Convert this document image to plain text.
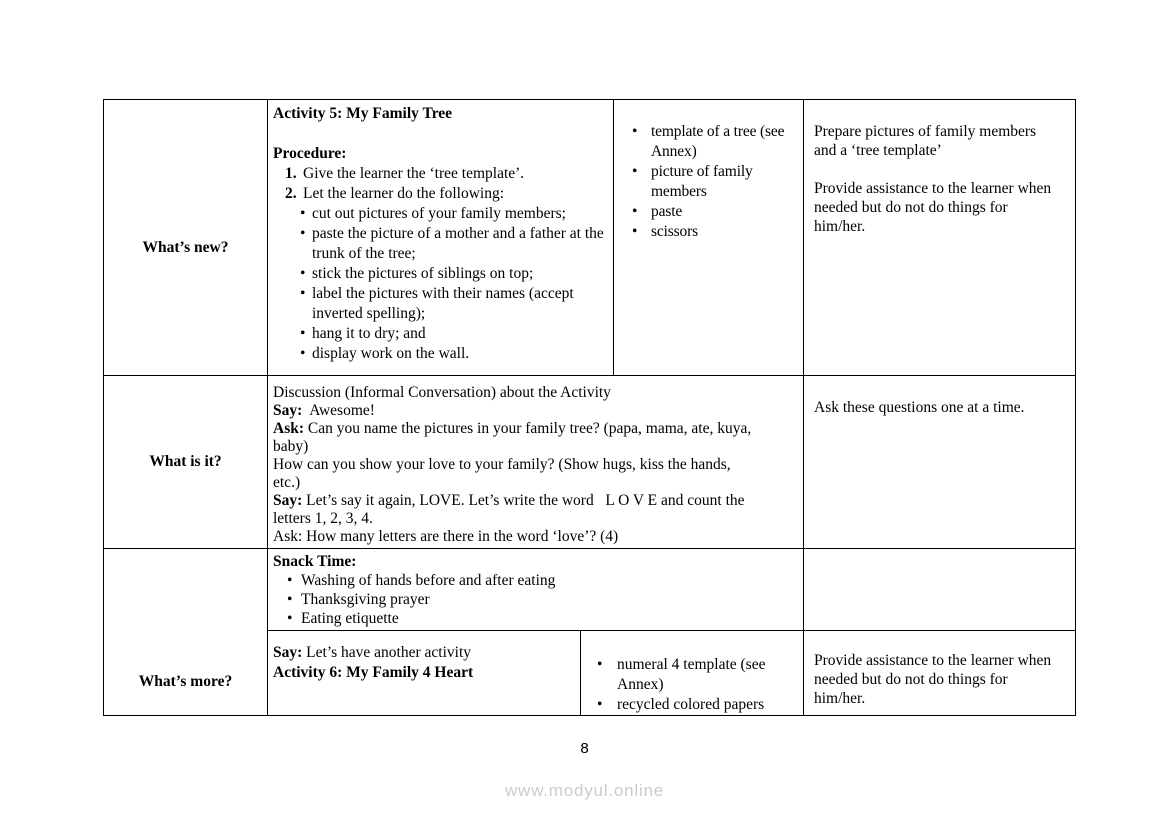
What’s new?
Activity 5: My Family Tree
Procedure:
1. Give the learner the ‘tree template’.
2. Let the learner do the following:
• cut out pictures of your family members;
• paste the picture of a mother and a father at the trunk of the tree;
• stick the pictures of siblings on top;
• label the pictures with their names (accept inverted spelling);
• hang it to dry; and
• display work on the wall.
• template of a tree (see Annex)
• picture of family members
• paste
• scissors
Prepare pictures of family members and a ‘tree template’
Provide assistance to the learner when needed but do not do things for him/her.
What is it?
Discussion (Informal Conversation) about the Activity
Say:  Awesome!
Ask: Can you name the pictures in your family tree? (papa, mama, ate, kuya,
baby)
How can you show your love to your family? (Show hugs, kiss the hands,
etc.)
Say: Let’s say it again, LOVE. Let’s write the word   L O V E and count the
letters 1, 2, 3, 4.
Ask: How many letters are there in the word ‘love’? (4)
Ask these questions one at a time.
What’s more?
Snack Time:
• Washing of hands before and after eating
• Thanksgiving prayer
• Eating etiquette
Say: Let’s have another activity
Activity 6: My Family 4 Heart	• numeral 4 template (see Annex)
• recycled colored papers
Provide assistance to the learner when needed but do not do things for him/her.
8
www.modyul.online
